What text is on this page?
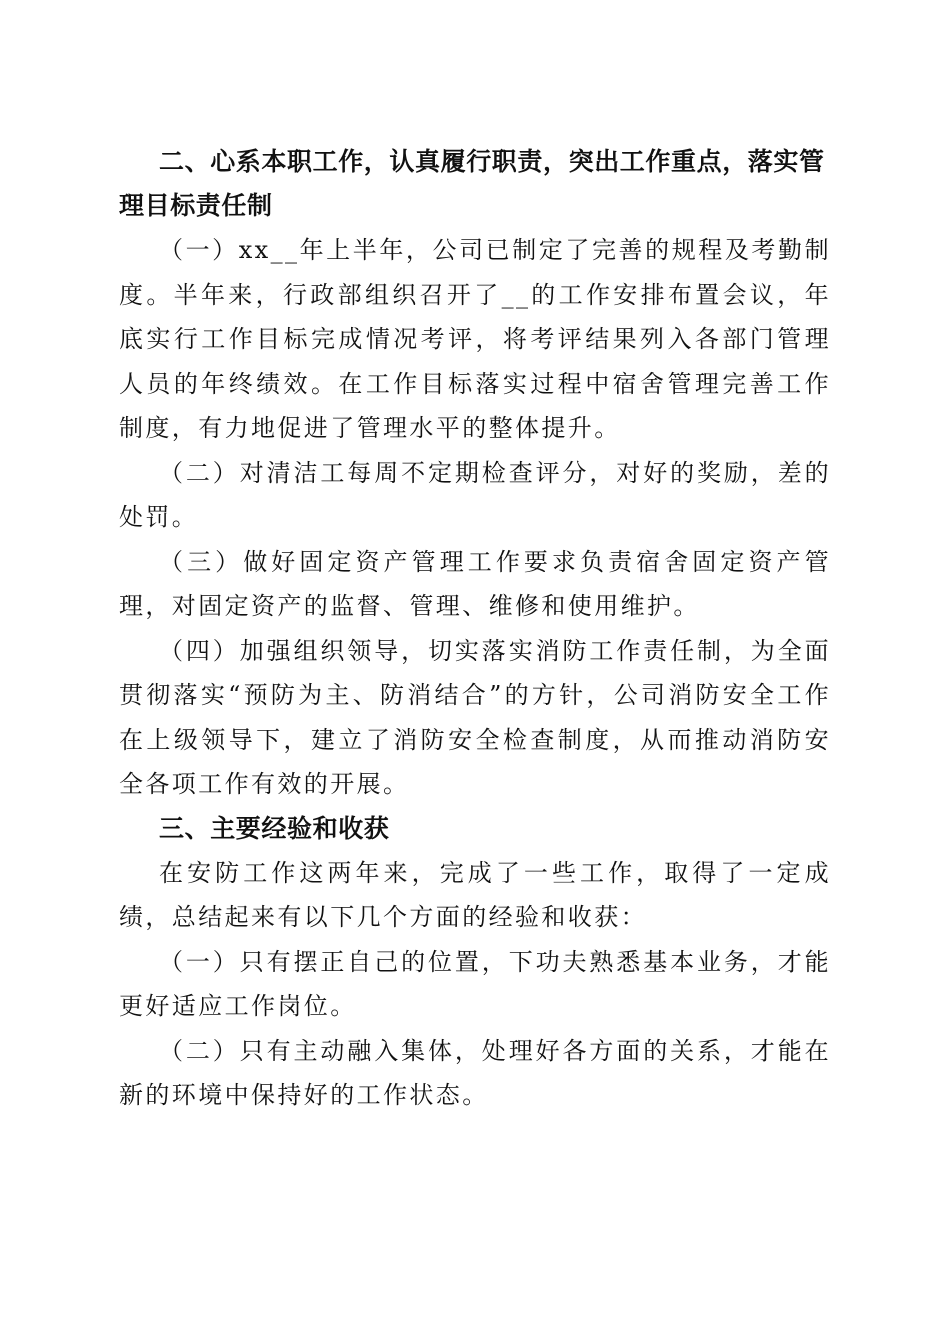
二、心系本职工作，认真履行职责，突出工作重点，落实管理目标责任制

（一）xx__年上半年，公司已制定了完善的规程及考勤制度。半年来，行政部组织召开了__的工作安排布置会议，年底实行工作目标完成情况考评，将考评结果列入各部门管理人员的年终绩效。在工作目标落实过程中宿舍管理完善工作制度，有力地促进了管理水平的整体提升。

（二）对清洁工每周不定期检查评分，对好的奖励，差的处罚。

（三）做好固定资产管理工作要求负责宿舍固定资产管理，对固定资产的监督、管理、维修和使用维护。

（四）加强组织领导，切实落实消防工作责任制，为全面贯彻落实“预防为主、防消结合”的方针，公司消防安全工作在上级领导下，建立了消防安全检查制度，从而推动消防安全各项工作有效的开展。

三、主要经验和收获

在安防工作这两年来，完成了一些工作，取得了一定成绩，总结起来有以下几个方面的经验和收获：

（一）只有摆正自己的位置，下功夫熟悉基本业务，才能更好适应工作岗位。

（二）只有主动融入集体，处理好各方面的关系，才能在新的环境中保持好的工作状态。
